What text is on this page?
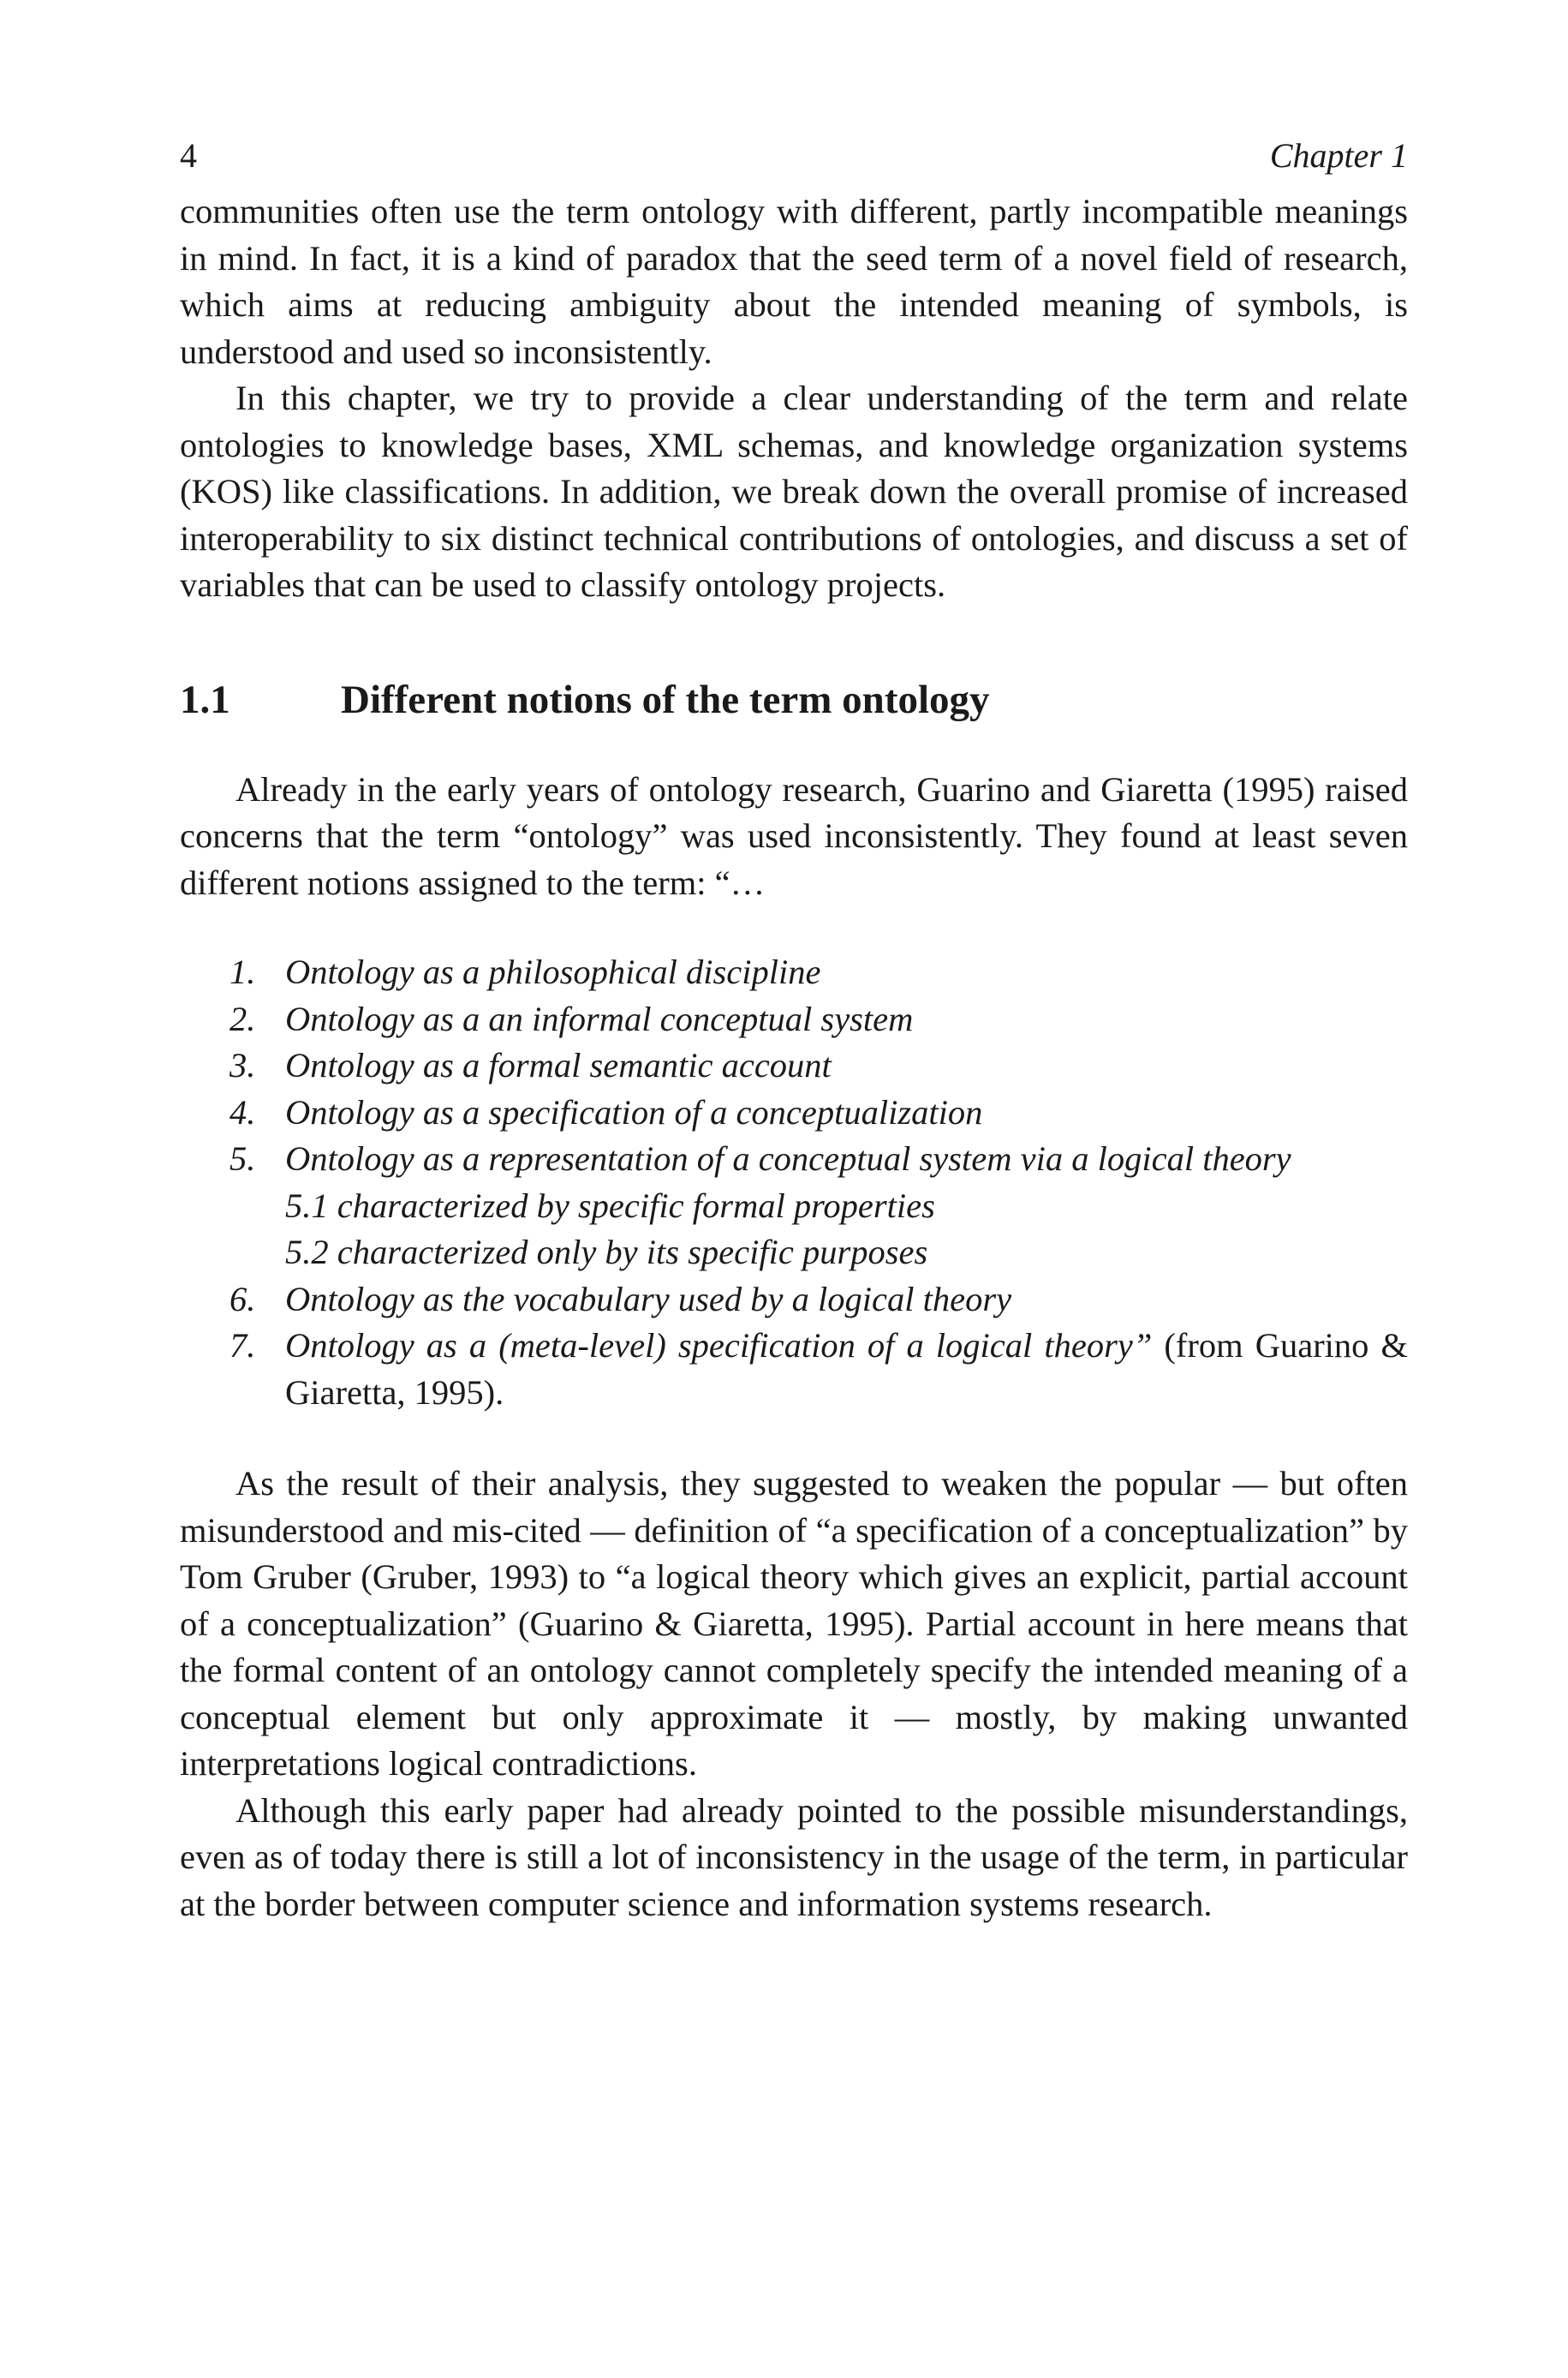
4	Chapter 1

communities often use the term ontology with different, partly incompatible meanings in mind. In fact, it is a kind of paradox that the seed term of a novel field of research, which aims at reducing ambiguity about the intended meaning of symbols, is understood and used so inconsistently.

In this chapter, we try to provide a clear understanding of the term and relate ontologies to knowledge bases, XML schemas, and knowledge organization systems (KOS) like classifications. In addition, we break down the overall promise of increased interoperability to six distinct technical contributions of ontologies, and discuss a set of variables that can be used to classify ontology projects.

1.1	Different notions of the term ontology

Already in the early years of ontology research, Guarino and Giaretta (1995) raised concerns that the term “ontology” was used inconsistently. They found at least seven different notions assigned to the term: “…

1. Ontology as a philosophical discipline
2. Ontology as a an informal conceptual system
3. Ontology as a formal semantic account
4. Ontology as a specification of a conceptualization
5. Ontology as a representation of a conceptual system via a logical theory
5.1 characterized by specific formal properties
5.2 characterized only by its specific purposes
6. Ontology as the vocabulary used by a logical theory
7. Ontology as a (meta-level) specification of a logical theory” (from Guarino & Giaretta, 1995).

As the result of their analysis, they suggested to weaken the popular — but often misunderstood and mis-cited — definition of “a specification of a conceptualization” by Tom Gruber (Gruber, 1993) to “a logical theory which gives an explicit, partial account of a conceptualization” (Guarino & Giaretta, 1995). Partial account in here means that the formal content of an ontology cannot completely specify the intended meaning of a conceptual element but only approximate it — mostly, by making unwanted interpretations logical contradictions.

Although this early paper had already pointed to the possible misunderstandings, even as of today there is still a lot of inconsistency in the usage of the term, in particular at the border between computer science and information systems research.
